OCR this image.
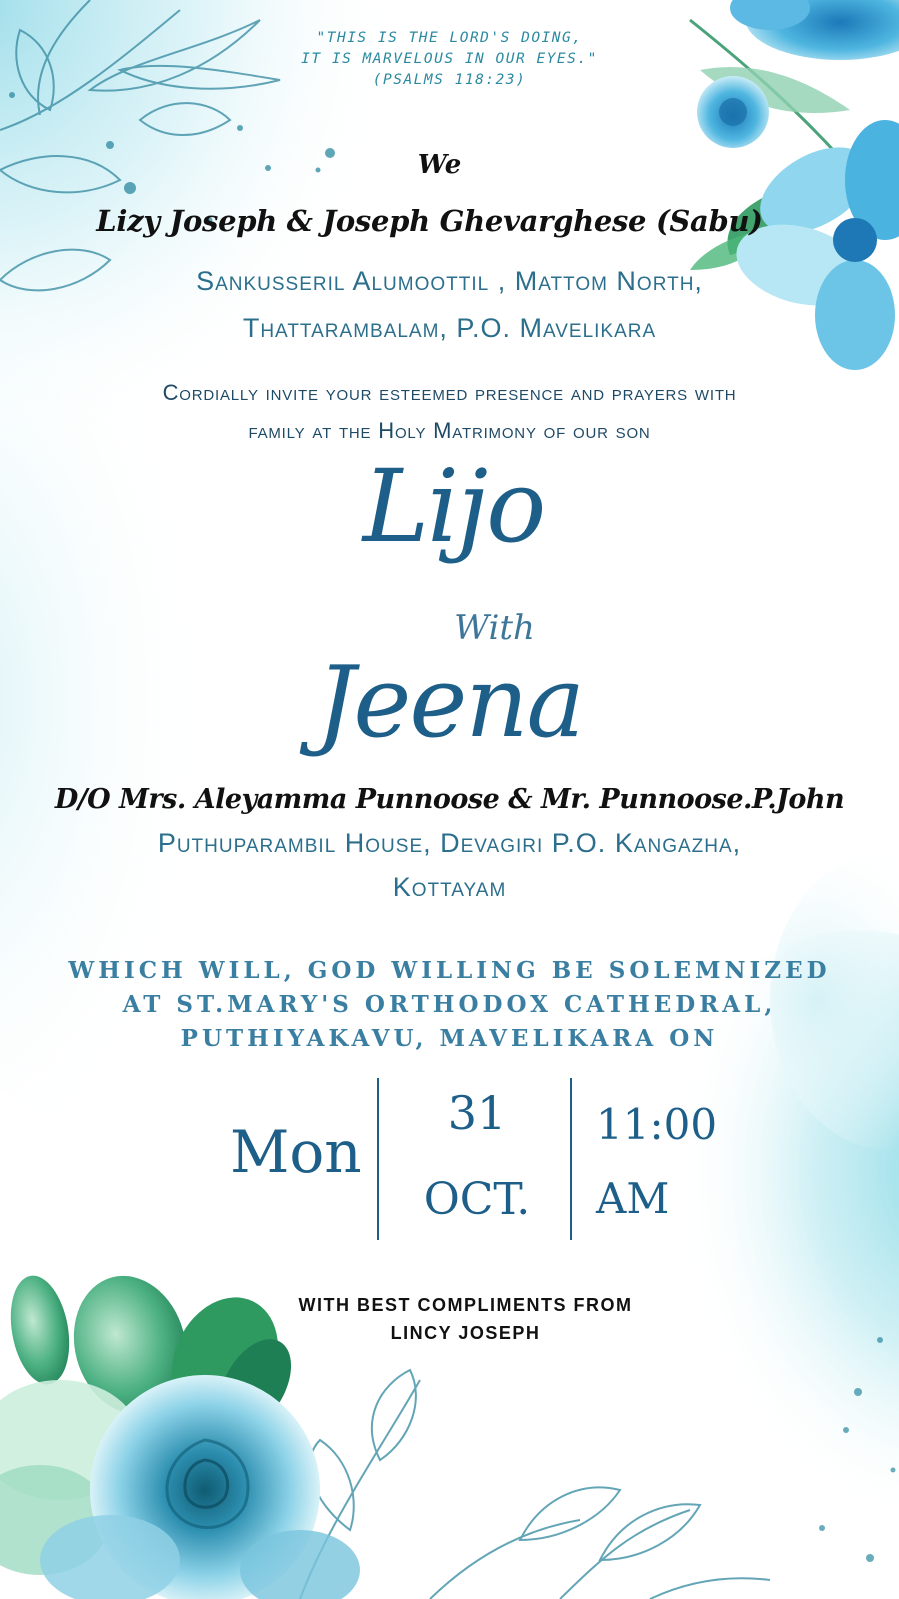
"THIS IS THE LORD'S DOING,
IT IS MARVELOUS IN OUR EYES."
(PSALMS 118:23)
We
Lizy Joseph & Joseph Ghevarghese (Sabu)
Sankusseril Alumoottil , Mattom North,
Thattarambalam, P.O. Mavelikara
Cordially invite your esteemed presence and prayers with
family at the Holy Matrimony of our son
Lijo
With
Jeena
D/O Mrs. Aleyamma Punnoose & Mr. Punnoose.P.John
Puthuparambil House, Devagiri P.O. Kangazha,
Kottayam
WHICH WILL, GOD WILLING BE SOLEMNIZED
AT ST.MARY'S ORTHODOX CATHEDRAL,
PUTHIYAKAVU, MAVELIKARA ON
Mon
31
OCT.
11:00
AM
WITH BEST COMPLIMENTS FROM
LINCY JOSEPH
